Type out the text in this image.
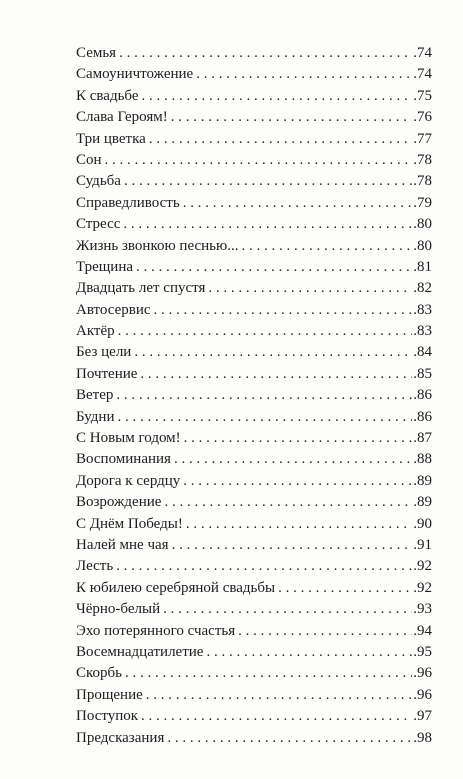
Семья . . .	.74
Самоуничтожение . . .	.74
К свадьбе . . .	.75
Слава Героям! . . .	.76
Три цветка . . .	.77
Сон . . .	.78
Судьба . . .	.78
Справедливость . . .	.79
Стресс . . .	.80
Жизнь звонкою песнью... . . .	.80
Трещина . . .	.81
Двадцать лет спустя . . .	.82
Автосервис . . .	.83
Актёр . . .	.83
Без цели . . .	.84
Почтение . . .	.85
Ветер . . .	.86
Будни . . .	.86
С Новым годом! . . .	.87
Воспоминания . . .	.88
Дорога к сердцу . . .	.89
Возрождение . . .	.89
С Днём Победы! . . .	.90
Налей мне чая . . .	.91
Лесть . . .	.92
К юбилею серебряной свадьбы . . .	.92
Чёрно-белый . . .	.93
Эхо потерянного счастья . . .	.94
Восемнадцатилетие . . .	.95
Скорбь . . .	.96
Прощение . . .	.96
Поступок . . .	.97
Предсказания . . .	.98
